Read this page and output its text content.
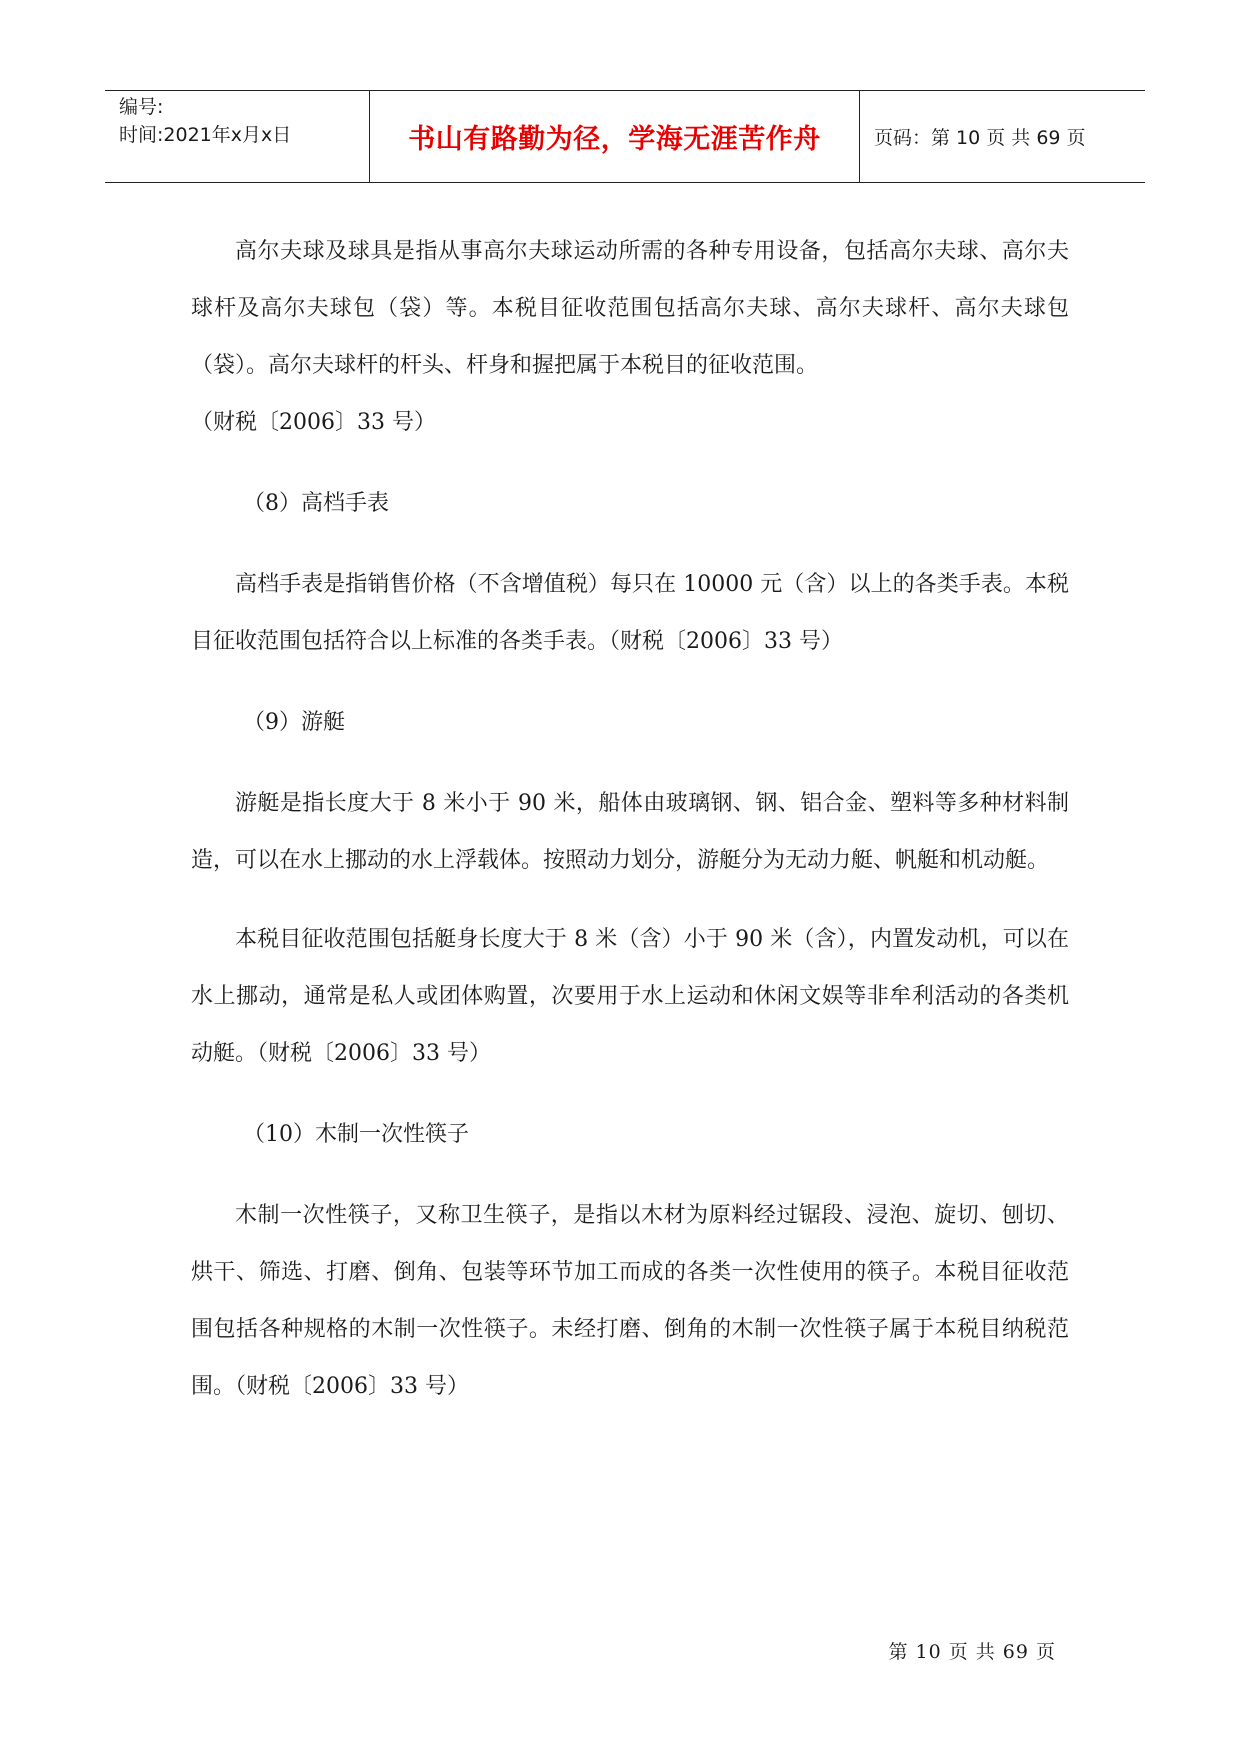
编号:
时间:2021年x月x日	书山有路勤为径，学海无涯苦作舟	页码：第 10 页 共 69 页

高尔夫球及球具是指从事高尔夫球运动所需的各种专用设备，包括高尔夫球、高尔夫球杆及高尔夫球包（袋）等。本税目征收范围包括高尔夫球、高尔夫球杆、高尔夫球包（袋）。高尔夫球杆的杆头、杆身和握把属于本税目的征收范围。

（财税〔2006〕33 号）

（8）高档手表

高档手表是指销售价格（不含增值税）每只在 10000 元（含）以上的各类手表。本税目征收范围包括符合以上标准的各类手表。（财税〔2006〕33 号）

（9）游艇

游艇是指长度大于 8 米小于 90 米，船体由玻璃钢、钢、铝合金、塑料等多种材料制造，可以在水上挪动的水上浮载体。按照动力划分，游艇分为无动力艇、帆艇和机动艇。

本税目征收范围包括艇身长度大于 8 米（含）小于 90 米（含），内置发动机，可以在水上挪动，通常是私人或团体购置，次要用于水上运动和休闲文娱等非牟利活动的各类机动艇。（财税〔2006〕33 号）

（10）木制一次性筷子

木制一次性筷子，又称卫生筷子，是指以木材为原料经过锯段、浸泡、旋切、刨切、烘干、筛选、打磨、倒角、包装等环节加工而成的各类一次性使用的筷子。本税目征收范围包括各种规格的木制一次性筷子。未经打磨、倒角的木制一次性筷子属于本税目纳税范围。（财税〔2006〕33 号）

第 10 页 共 69 页
